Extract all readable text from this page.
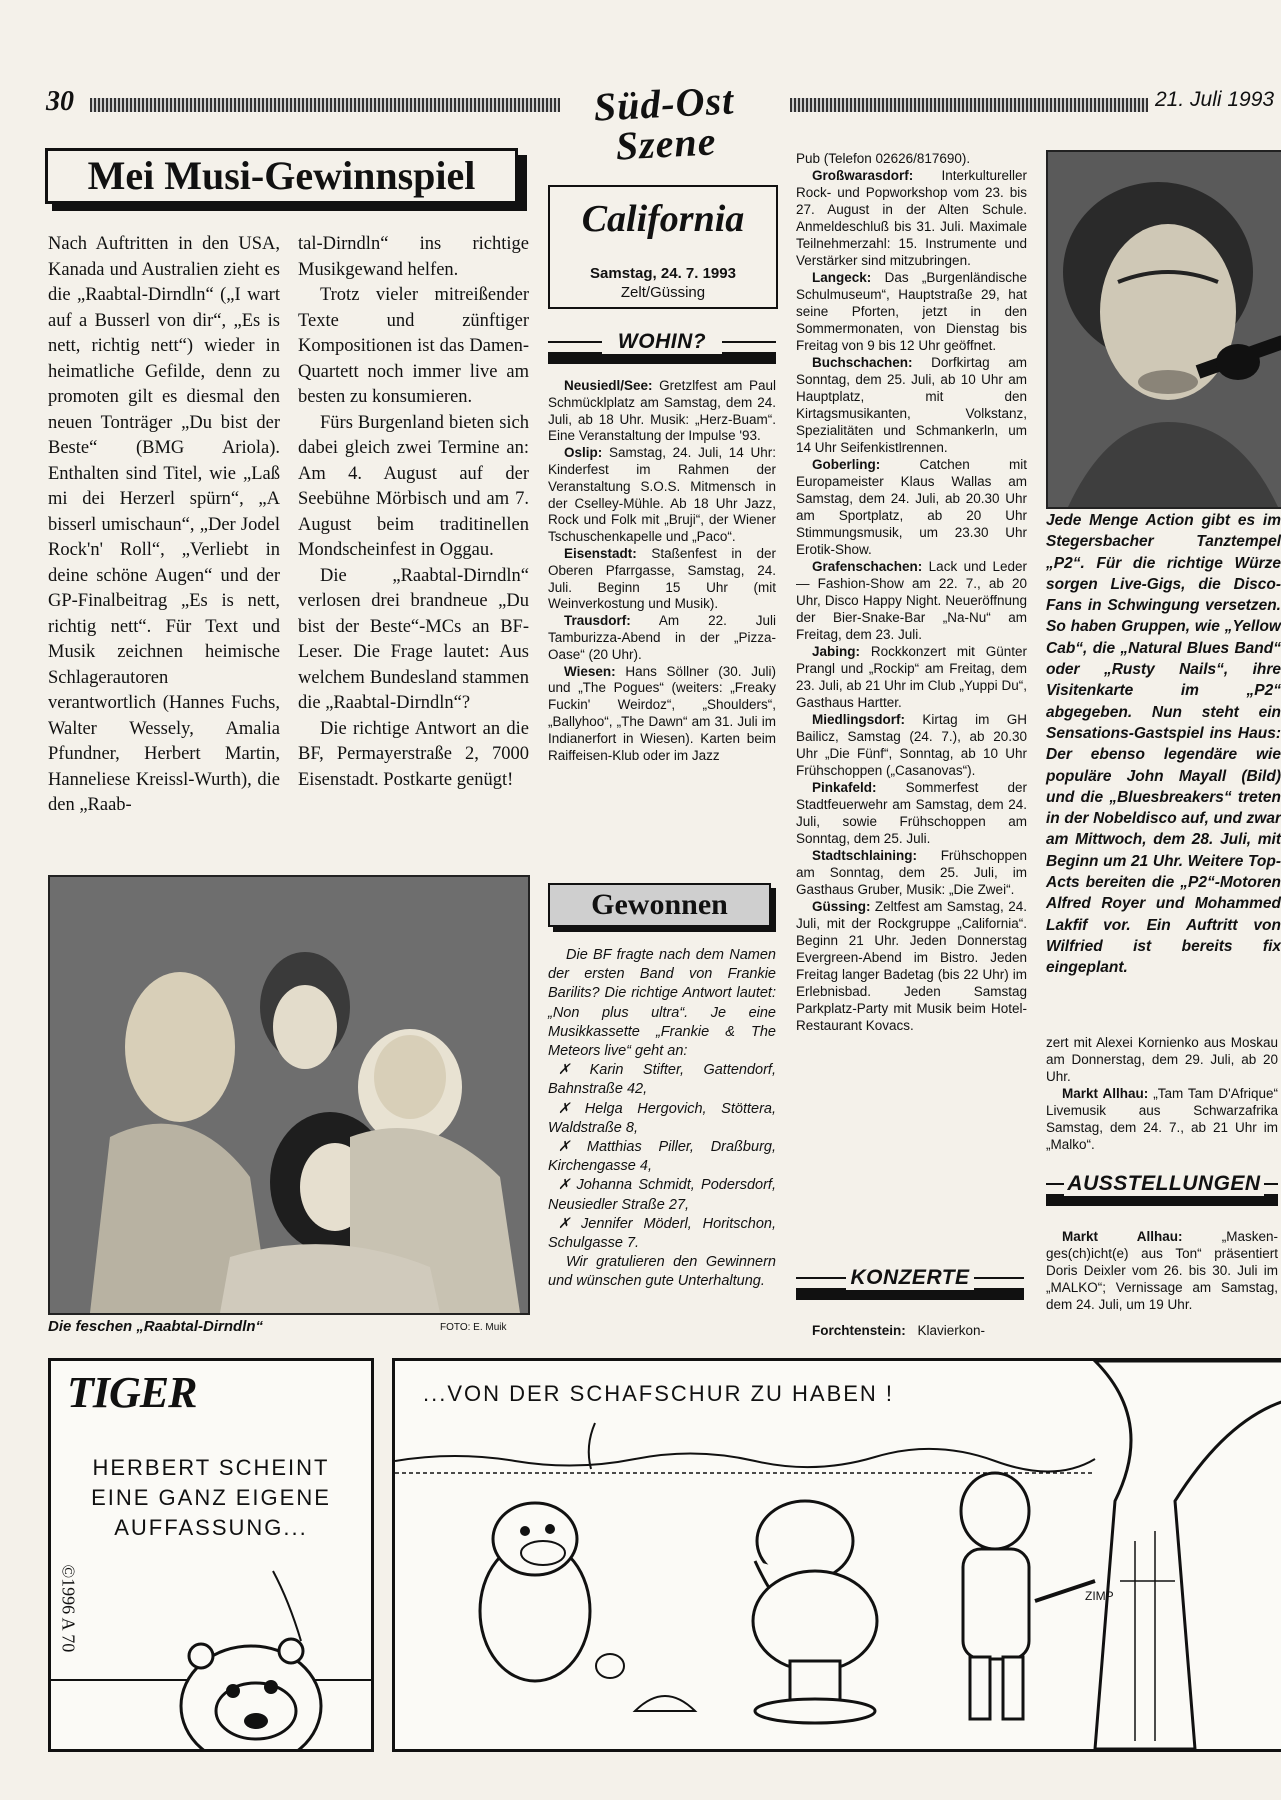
30	Süd-Ost Szene
21. Juli 1993
Mei Musi-Gewinnspiel
Nach Auftritten in den USA, Kanada und Australien zieht es die „Raabtal-Dirndln“ („I wart auf a Busserl von dir“, „Es is nett, richtig nett“) wieder in heimatliche Gefilde, denn zu promoten gilt es diesmal den neuen Tonträger „Du bist der Beste“ (BMG Ariola). Enthalten sind Titel, wie „Laß mi dei Herzerl spürn“, „A bisserl umischaun“, „Der Jodel Rock'n' Roll“, „Verliebt in deine schöne Augen“ und der GP-Finalbeitrag „Es is nett, richtig nett“. Für Text und Musik zeichnen heimische Schlagerautoren verantwortlich (Hannes Fuchs, Walter Wessely, Amalia Pfundner, Herbert Martin, Hanneliese Kreissl-Wurth), die den „Raab-

tal-Dirndln“ ins richtige Musikgewand helfen.

Trotz vieler mitreißender Texte und zünftiger Kompositionen ist das Damen-Quartett noch immer live am besten zu konsumieren.

Fürs Burgenland bieten sich dabei gleich zwei Termine an: Am 4. August auf der Seebühne Mörbisch und am 7. August beim traditinellen Mondscheinfest in Oggau.

Die „Raabtal-Dirndln“ verlosen drei brandneue „Du bist der Beste“-MCs an BF-Leser. Die Frage lautet: Aus welchem Bundesland stammen die „Raabtal-Dirndln“?

Die richtige Antwort an die BF, Permayerstraße 2, 7000 Eisenstadt. Postkarte genügt!

Die feschen „Raabtal-Dirndln“	FOTO: E. Muik
California
Samstag, 24. 7. 1993
Zelt/Güssing
WOHIN?

Neusiedl/See: Gretzlfest am Paul Schmücklplatz am Samstag, dem 24. Juli, ab 18 Uhr. Musik: „Herz-Buam“. Eine Veranstaltung der Impulse '93.

Oslip: Samstag, 24. Juli, 14 Uhr: Kinderfest im Rahmen der Veranstaltung S.O.S. Mitmensch in der Cselley-Mühle. Ab 18 Uhr Jazz, Rock und Folk mit „Bruji“, der Wiener Tschuschenkapelle und „Paco“.

Eisenstadt: Staßenfest in der Oberen Pfarrgasse, Samstag, 24. Juli. Beginn 15 Uhr (mit Weinverkostung und Musik).

Trausdorf: Am 22. Juli Tamburizza-Abend in der „Pizza-Oase“ (20 Uhr).

Wiesen: Hans Söllner (30. Juli) und „The Pogues“ (weiters: „Freaky Fuckin' Weirdoz“, „Shoulders“, „Ballyhoo“, „The Dawn“ am 31. Juli im Indianerfort in Wiesen). Karten beim Raiffeisen-Klub oder im Jazz

Gewonnen

Die BF fragte nach dem Namen der ersten Band von Frankie Barilits? Die richtige Antwort lautet: „Non plus ultra“. Je eine Musikkassette „Frankie & The Meteors live“ geht an:

✗ Karin Stifter, Gattendorf, Bahnstraße 42,

✗ Helga Hergovich, Stöttera, Waldstraße 8,

✗ Matthias Piller, Draßburg, Kirchengasse 4,

✗ Johanna Schmidt, Podersdorf, Neusiedler Straße 27,

✗ Jennifer Möderl, Horitschon, Schulgasse 7.

Wir gratulieren den Gewinnern und wünschen gute Unterhaltung.

Pub (Telefon 02626/817690).

Großwarasdorf: Interkultureller Rock- und Popworkshop vom 23. bis 27. August in der Alten Schule. Anmeldeschluß bis 31. Juli. Maximale Teilnehmerzahl: 15. Instrumente und Verstärker sind mitzubringen.

Langeck: Das „Burgenländische Schulmuseum“, Hauptstraße 29, hat seine Pforten, jetzt in den Sommermonaten, von Dienstag bis Freitag von 9 bis 12 Uhr geöffnet.

Buchschachen: Dorfkirtag am Sonntag, dem 25. Juli, ab 10 Uhr am Hauptplatz, mit den Kirtagsmusikanten, Volkstanz, Spezialitäten und Schmankerln, um 14 Uhr Seifenkistlrennen.

Goberling: Catchen mit Europameister Klaus Wallas am Samstag, dem 24. Juli, ab 20.30 Uhr am Sportplatz, ab 20 Uhr Stimmungsmusik, um 23.30 Uhr Erotik-Show.

Grafenschachen: Lack und Leder — Fashion-Show am 22. 7., ab 20 Uhr, Disco Happy Night. Neueröffnung der Bier-Snake-Bar „Na-Nu“ am Freitag, dem 23. Juli.

Jabing: Rockkonzert mit Günter Prangl und „Rockip“ am Freitag, dem 23. Juli, ab 21 Uhr im Club „Yuppi Du“, Gasthaus Hartter.

Miedlingsdorf: Kirtag im GH Bailicz, Samstag (24. 7.), ab 20.30 Uhr „Die Fünf“, Sonntag, ab 10 Uhr Frühschoppen („Casanovas“).

Pinkafeld: Sommerfest der Stadtfeuerwehr am Samstag, dem 24. Juli, sowie Frühschoppen am Sonntag, dem 25. Juli.

Stadtschlaining: Frühschoppen am Sonntag, dem 25. Juli, im Gasthaus Gruber, Musik: „Die Zwei“.

Güssing: Zeltfest am Samstag, 24. Juli, mit der Rockgruppe „California“. Beginn 21 Uhr. Jeden Donnerstag Evergreen-Abend im Bistro. Jeden Freitag langer Badetag (bis 22 Uhr) im Erlebnisbad. Jeden Samstag Parkplatz-Party mit Musik beim Hotel-Restaurant Kovacs.

KONZERTE
Forchtenstein: Klavierkon-
Jede Menge Action gibt es im Stegersbacher Tanztempel „P2“. Für die richtige Würze sorgen Live-Gigs, die Disco-Fans in Schwingung versetzen. So haben Gruppen, wie „Yellow Cab“, die „Natural Blues Band“ oder „Rusty Nails“, ihre Visitenkarte im „P2“ abgegeben. Nun steht ein Sensations-Gastspiel ins Haus: Der ebenso legendäre wie populäre John Mayall (Bild) und die „Bluesbreakers“ treten in der Nobeldisco auf, und zwar am Mittwoch, dem 28. Juli, mit Beginn um 21 Uhr. Weitere Top-Acts bereiten die „P2“-Motoren Alfred Royer und Mohammed Lakfif vor. Ein Auftritt von Wilfried ist bereits fix eingeplant.

zert mit Alexei Kornienko aus Moskau am Donnerstag, dem 29. Juli, ab 20 Uhr.

Markt Allhau: „Tam Tam D'Afrique“ Livemusik aus Schwarzafrika Samstag, dem 24. 7., ab 21 Uhr im „Malko“.

AUSSTELLUNGEN

Markt Allhau: „Masken-ges(ch)icht(e) aus Ton“ präsentiert Doris Deixler vom 26. bis 30. Juli im „MALKO“; Vernissage am Samstag, dem 24. Juli, um 19 Uhr.

TIGER
HERBERT SCHEINT EINE GANZ EIGENE AUFFASSUNG...
©1996 A 70
...VON DER SCHAFSCHUR ZU HABEN !
ZIMP
